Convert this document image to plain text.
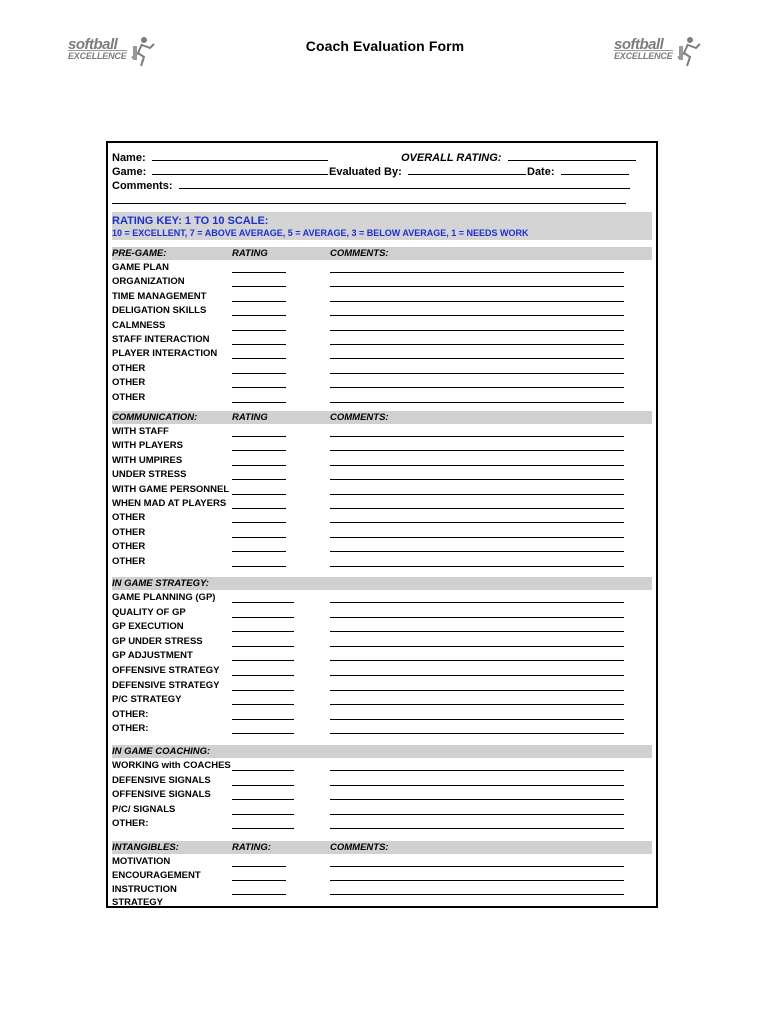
Coach Evaluation Form
softball
EXCELLENCE
softball
EXCELLENCE
Name:	OVERALL RATING:
Game:	Evaluated By:	Date:
Comments:
RATING KEY: 1 TO 10 SCALE:
10 = EXCELLENT, 7 = ABOVE AVERAGE, 5 = AVERAGE, 3 = BELOW AVERAGE, 1 = NEEDS WORK
PRE-GAME:	RATING	COMMENTS:
GAME PLAN
ORGANIZATION
TIME MANAGEMENT
DELIGATION SKILLS
CALMNESS
STAFF INTERACTION
PLAYER INTERACTION
OTHER
OTHER
OTHER
COMMUNICATION:	RATING	COMMENTS:
WITH STAFF
WITH PLAYERS
WITH UMPIRES
UNDER STRESS
WITH GAME PERSONNEL
WHEN MAD AT PLAYERS
OTHER
OTHER
OTHER
OTHER
IN GAME STRATEGY:
GAME PLANNING (GP)
QUALITY OF GP
GP EXECUTION
GP UNDER STRESS
GP ADJUSTMENT
OFFENSIVE STRATEGY
DEFENSIVE STRATEGY
P/C STRATEGY
OTHER:
OTHER:
IN GAME COACHING:
WORKING with COACHES
DEFENSIVE SIGNALS
OFFENSIVE SIGNALS
P/C/ SIGNALS
OTHER:
INTANGIBLES:	RATING:	COMMENTS:
MOTIVATION
ENCOURAGEMENT
INSTRUCTION
STRATEGY
